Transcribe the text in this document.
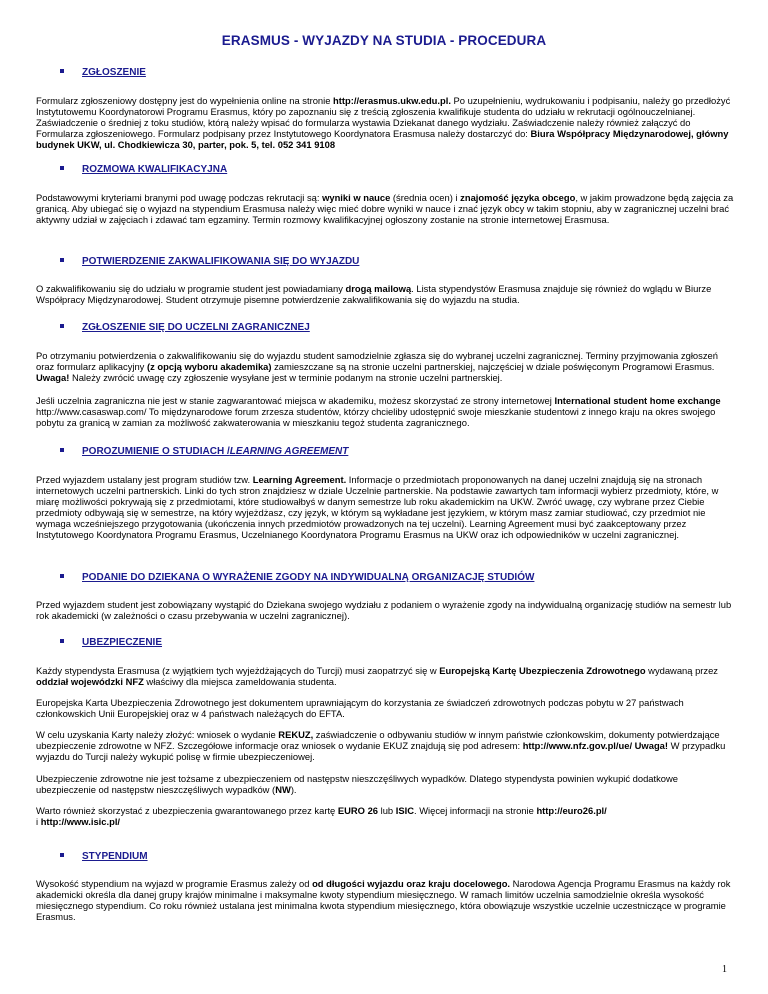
ERASMUS - WYJAZDY NA STUDIA - PROCEDURA
ZGŁOSZENIE
Formularz zgłoszeniowy dostępny jest do wypełnienia online na stronie http://erasmus.ukw.edu.pl. Po uzupełnieniu, wydrukowaniu i podpisaniu, należy go przedłożyć Instytutowemu Koordynatorowi Programu Erasmus, który po zapoznaniu się z treścią zgłoszenia kwalifikuje studenta do udziału w rekrutacji ogólnouczelnianej. Zaświadczenie o średniej z toku studiów, którą należy wpisać do formularza wystawia Dziekanat danego wydziału. Zaświadczenie należy również załączyć do Formularza zgłoszeniowego. Formularz podpisany przez Instytutowego Koordynatora Erasmusa należy dostarczyć do: Biura Współpracy Międzynarodowej, główny budynek UKW, ul. Chodkiewicza 30, parter, pok. 5, tel. 052 341 9108
ROZMOWA KWALIFIKACYJNA
Podstawowymi kryteriami branymi pod uwagę podczas rekrutacji są: wyniki w nauce (średnia ocen) i znajomość języka obcego, w jakim prowadzone będą zajęcia za granicą. Aby ubiegać się o wyjazd na stypendium Erasmusa należy więc mieć dobre wyniki w nauce i znać język obcy w takim stopniu, aby w zagranicznej uczelni brać aktywny udział w zajęciach i zdawać tam egzaminy. Termin rozmowy kwalifikacyjnej ogłoszony zostanie na stronie internetowej Erasmusa.
POTWIERDZENIE ZAKWALIFIKOWANIA SIĘ DO WYJAZDU
O zakwalifikowaniu się do udziału w programie student jest powiadamiany drogą mailową. Lista stypendystów Erasmusa znajduje się również do wglądu w Biurze Współpracy Międzynarodowej. Student otrzymuje pisemne potwierdzenie zakwalifikowania się do wyjazdu na studia.
ZGŁOSZENIE SIĘ DO UCZELNI ZAGRANICZNEJ
Po otrzymaniu potwierdzenia o zakwalifikowaniu się do wyjazdu student samodzielnie zgłasza się do wybranej uczelni zagranicznej. Terminy przyjmowania zgłoszeń oraz formularz aplikacyjny (z opcją wyboru akademika) zamieszczane są na stronie uczelni partnerskiej, najczęściej w dziale poświęconym Programowi Erasmus. Uwaga! Należy zwrócić uwagę czy zgłoszenie wysyłane jest w terminie podanym na stronie uczelni partnerskiej.
Jeśli uczelnia zagraniczna nie jest w stanie zagwarantować miejsca w akademiku, możesz skorzystać ze strony internetowej International student home exchange http://www.casaswap.com/ To międzynarodowe forum zrzesza studentów, którzy chcieliby udostępnić swoje mieszkanie studentowi z innego kraju na okres swojego pobytu za granicą w zamian za możliwość zakwaterowania w mieszkaniu tegoż studenta zagranicznego.
POROZUMIENIE O STUDIACH /LEARNING AGREEMENT
Przed wyjazdem ustalany jest program studiów tzw. Learning Agreement. Informacje o przedmiotach proponowanych na danej uczelni znajdują się na stronach internetowych uczelni partnerskich. Linki do tych stron znajdziesz w dziale Uczelnie partnerskie. Na podstawie zawartych tam informacji wybierz przedmioty, które, w miarę możliwości pokrywają się z przedmiotami, które studiowałbyś w danym semestrze lub roku akademickim na UKW. Zwróć uwagę, czy wybrane przez Ciebie przedmioty odbywają się w semestrze, na który wyjeżdżasz, czy język, w którym są wykładane jest językiem, w którym masz zamiar studiować, czy przedmiot nie wymaga wcześniejszego przygotowania (ukończenia innych przedmiotów prowadzonych na tej uczelni). Learning Agreement musi być zaakceptowany przez Instytutowego Koordynatora Programu Erasmus, Uczelnianego Koordynatora Programu Erasmus na UKW oraz ich odpowiedników w uczelni zagranicznej.
PODANIE DO DZIEKANA O WYRAŻENIE ZGODY NA INDYWIDUALNĄ ORGANIZACJĘ STUDIÓW
Przed wyjazdem student jest zobowiązany wystąpić do Dziekana swojego wydziału z podaniem o wyrażenie zgody na indywidualną organizację studiów na semestr lub rok akademicki (w zależności o czasu przebywania w uczelni zagranicznej).
UBEZPIECZENIE
Każdy stypendysta Erasmusa (z wyjątkiem tych wyjeżdżających do Turcji) musi zaopatrzyć się w Europejską Kartę Ubezpieczenia Zdrowotnego wydawaną przez oddział wojewódzki NFZ właściwy dla miejsca zameldowania studenta.
Europejska Karta Ubezpieczenia Zdrowotnego jest dokumentem uprawniającym do korzystania ze świadczeń zdrowotnych podczas pobytu w 27 państwach członkowskich Unii Europejskiej oraz w 4 państwach należących do EFTA.
W celu uzyskania Karty należy złożyć: wniosek o wydanie REKUZ, zaświadczenie o odbywaniu studiów w innym państwie członkowskim, dokumenty potwierdzające ubezpieczenie zdrowotne w NFZ. Szczegółowe informacje oraz wniosek o wydanie EKUZ znajdują się pod adresem: http://www.nfz.gov.pl/ue/ Uwaga! W przypadku wyjazdu do Turcji należy wykupić polisę w firmie ubezpieczeniowej.
Ubezpieczenie zdrowotne nie jest tożsame z ubezpieczeniem od następstw nieszczęśliwych wypadków. Dlatego stypendysta powinien wykupić dodatkowe ubezpieczenie od następstw nieszczęśliwych wypadków (NW).
Warto również skorzystać z ubezpieczenia gwarantowanego przez kartę EURO 26 lub ISIC. Więcej informacji na stronie http://euro26.pl/
i http://www.isic.pl/
STYPENDIUM
Wysokość stypendium na wyjazd w programie Erasmus zależy od od długości wyjazdu oraz kraju docelowego. Narodowa Agencja Programu Erasmus na każdy rok akademicki określa dla danej grupy krajów minimalne i maksymalne kwoty stypendium miesięcznego. W ramach limitów uczelnia samodzielnie określa wysokość miesięcznego stypendium. Co roku również ustalana jest minimalna kwota stypendium miesięcznego, która obowiązuje wszystkie uczelnie uczestniczące w programie Erasmus.
1
